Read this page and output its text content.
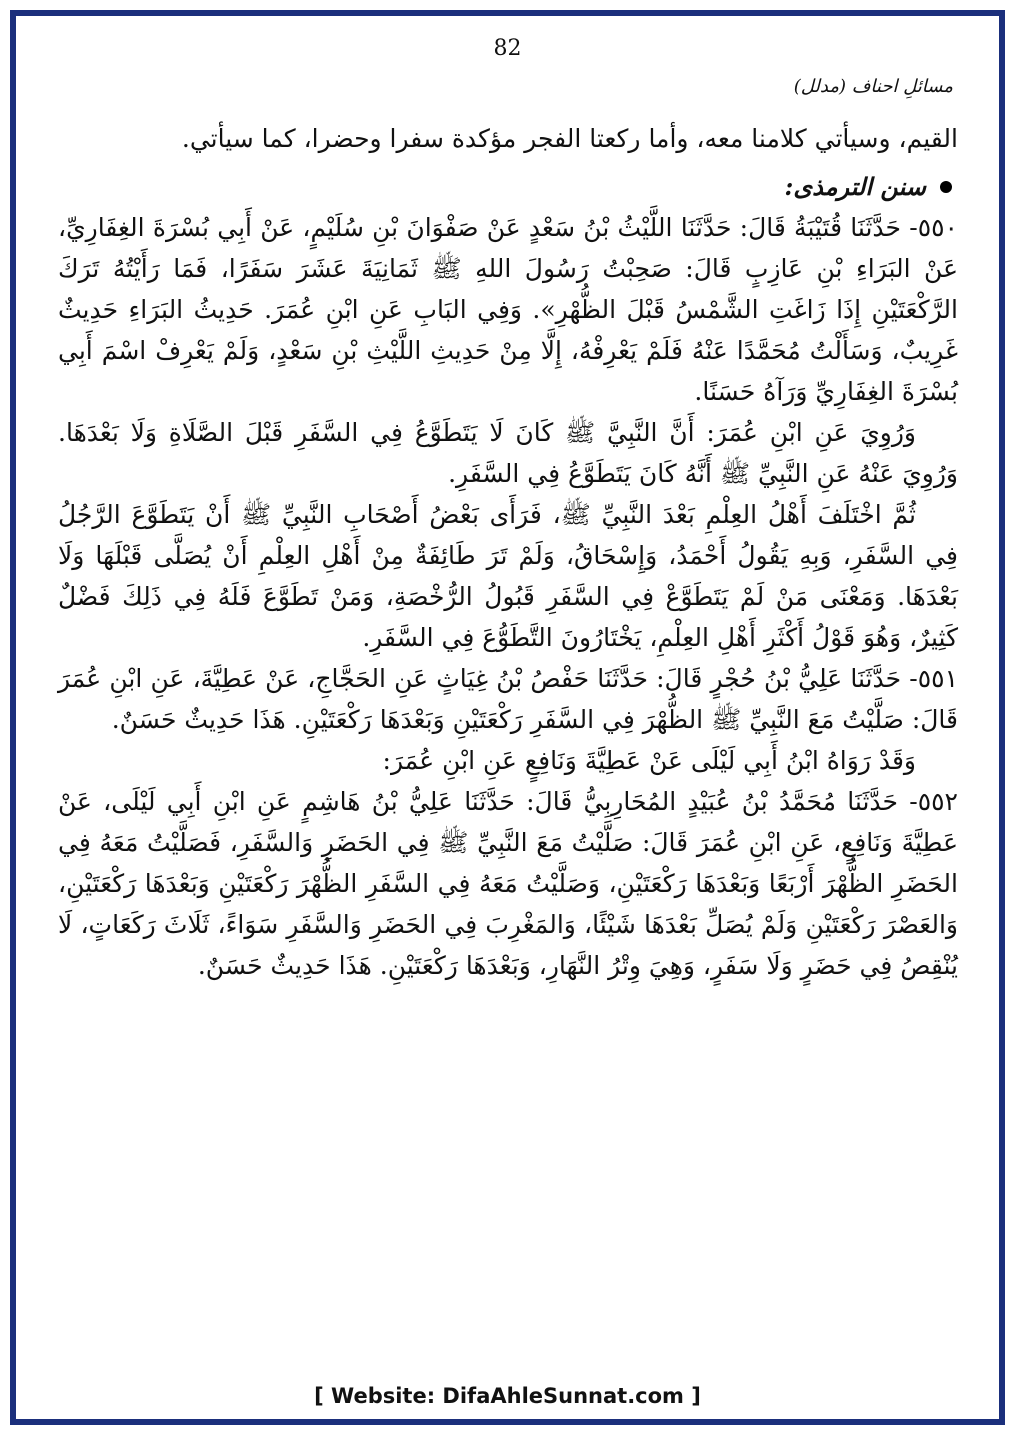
82
مسائلِ احناف (مدلل)

القيم، وسيأتي كلامنا معه، وأما ركعتا الفجر مؤكدة سفرا وحضرا، كما سيأتي.

سنن الترمذی:

٥٥٠- حَدَّثَنَا قُتَيْبَةُ قَالَ: حَدَّثَنَا اللَّيْثُ بْنُ سَعْدٍ عَنْ صَفْوَانَ بْنِ سُلَيْمٍ، عَنْ أَبِي بُسْرَةَ الغِفَارِيِّ، عَنْ البَرَاءِ بْنِ عَازِبٍ قَالَ: صَحِبْتُ رَسُولَ اللهِ ﷺ ثَمَانِيَةَ عَشَرَ سَفَرًا، فَمَا رَأَيْتُهُ تَرَكَ الرَّكْعَتَيْنِ إِذَا زَاغَتِ الشَّمْسُ قَبْلَ الظُّهْرِ». وَفِي البَابِ عَنِ ابْنِ عُمَرَ. حَدِيثُ البَرَاءِ حَدِيثٌ غَرِيبٌ، وَسَأَلْتُ مُحَمَّدًا عَنْهُ فَلَمْ يَعْرِفْهُ، إِلَّا مِنْ حَدِيثِ اللَّيْثِ بْنِ سَعْدٍ، وَلَمْ يَعْرِفْ اسْمَ أَبِي بُسْرَةَ الغِفَارِيِّ وَرَآهُ حَسَنًا.

وَرُوِيَ عَنِ ابْنِ عُمَرَ: أَنَّ النَّبِيَّ ﷺ كَانَ لَا يَتَطَوَّعُ فِي السَّفَرِ قَبْلَ الصَّلَاةِ وَلَا بَعْدَهَا. وَرُوِيَ عَنْهُ عَنِ النَّبِيِّ ﷺ أَنَّهُ كَانَ يَتَطَوَّعُ فِي السَّفَرِ.

ثُمَّ اخْتَلَفَ أَهْلُ العِلْمِ بَعْدَ النَّبِيِّ ﷺ، فَرَأَى بَعْضُ أَصْحَابِ النَّبِيِّ ﷺ أَنْ يَتَطَوَّعَ الرَّجُلُ فِي السَّفَرِ، وَبِهِ يَقُولُ أَحْمَدُ، وَإِسْحَاقُ، وَلَمْ تَرَ طَائِفَةٌ مِنْ أَهْلِ العِلْمِ أَنْ يُصَلَّى قَبْلَهَا وَلَا بَعْدَهَا. وَمَعْنَى مَنْ لَمْ يَتَطَوَّعْ فِي السَّفَرِ قَبُولُ الرُّخْصَةِ، وَمَنْ تَطَوَّعَ فَلَهُ فِي ذَلِكَ فَضْلٌ كَثِيرٌ، وَهُوَ قَوْلُ أَكْثَرِ أَهْلِ العِلْمِ، يَخْتَارُونَ التَّطَوُّعَ فِي السَّفَرِ.

٥٥١- حَدَّثَنَا عَلِيُّ بْنُ حُجْرٍ قَالَ: حَدَّثَنَا حَفْصُ بْنُ غِيَاثٍ عَنِ الحَجَّاجِ، عَنْ عَطِيَّةَ، عَنِ ابْنِ عُمَرَ قَالَ: صَلَّيْتُ مَعَ النَّبِيِّ ﷺ الظُّهْرَ فِي السَّفَرِ رَكْعَتَيْنِ وَبَعْدَهَا رَكْعَتَيْنِ. هَذَا حَدِيثٌ حَسَنٌ.

وَقَدْ رَوَاهُ ابْنُ أَبِي لَيْلَى عَنْ عَطِيَّةَ وَنَافِعٍ عَنِ ابْنِ عُمَرَ:

٥٥٢- حَدَّثَنَا مُحَمَّدُ بْنُ عُبَيْدٍ المُحَارِبِيُّ قَالَ: حَدَّثَنَا عَلِيُّ بْنُ هَاشِمٍ عَنِ ابْنِ أَبِي لَيْلَى، عَنْ عَطِيَّةَ وَنَافِعٍ، عَنِ ابْنِ عُمَرَ قَالَ: صَلَّيْتُ مَعَ النَّبِيِّ ﷺ فِي الحَضَرِ وَالسَّفَرِ، فَصَلَّيْتُ مَعَهُ فِي الحَضَرِ الظُّهْرَ أَرْبَعًا وَبَعْدَهَا رَكْعَتَيْنِ، وَصَلَّيْتُ مَعَهُ فِي السَّفَرِ الظُّهْرَ رَكْعَتَيْنِ وَبَعْدَهَا رَكْعَتَيْنِ، وَالعَصْرَ رَكْعَتَيْنِ وَلَمْ يُصَلِّ بَعْدَهَا شَيْئًا، وَالمَغْرِبَ فِي الحَضَرِ وَالسَّفَرِ سَوَاءً، ثَلَاثَ رَكَعَاتٍ، لَا يُنْقِصُ فِي حَضَرٍ وَلَا سَفَرٍ، وَهِيَ وِتْرُ النَّهَارِ، وَبَعْدَهَا رَكْعَتَيْنِ. هَذَا حَدِيثٌ حَسَنٌ.

[ Website: DifaAhleSunnat.com ]
